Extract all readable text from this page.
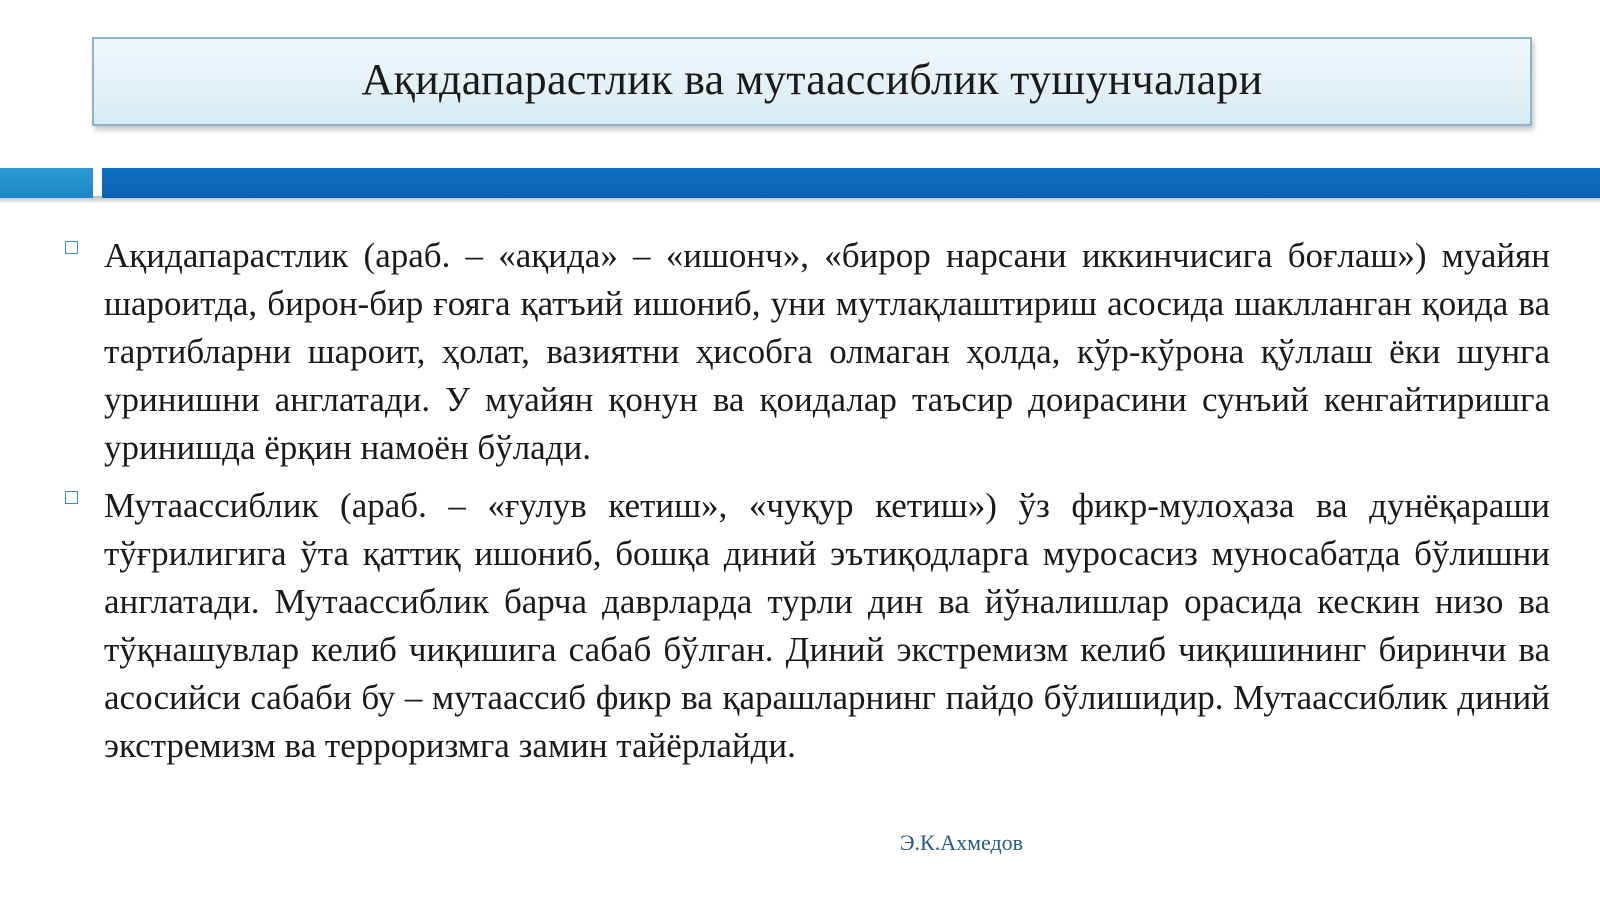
Ақидапарастлик ва мутаассиблик тушунчалари

Ақидапарастлик (араб. – «ақида» – «ишонч», «бирор нарсани иккинчисига боғлаш») муайян шароитда, бирон-бир ғояга қатъий ишониб, уни мутлақлаштириш асосида шаклланган қоида ва тартибларни шароит, ҳолат, вазиятни ҳисобга олмаган ҳолда, кўр-кўрона қўллаш ёки шунга уринишни англатади. У муайян қонун ва қоидалар таъсир доирасини сунъий кенгайтиришга уринишда ёрқин намоён бўлади.

Мутаассиблик (араб. – «ғулув кетиш», «чуқур кетиш») ўз фикр-мулоҳаза ва дунёқараши тўғрилигига ўта қаттиқ ишониб, бошқа диний эътиқодларга муросасиз муносабатда бўлишни англатади. Мутаассиблик барча даврларда турли дин ва йўналишлар орасида кескин низо ва тўқнашувлар келиб чиқишига сабаб бўлган. Диний экстремизм келиб чиқишининг биринчи ва асосийси сабаби бу – мутаассиб фикр ва қарашларнинг пайдо бўлишидир. Мутаассиблик диний экстремизм ва терроризмга замин тайёрлайди.

Э.К.Ахмедов
